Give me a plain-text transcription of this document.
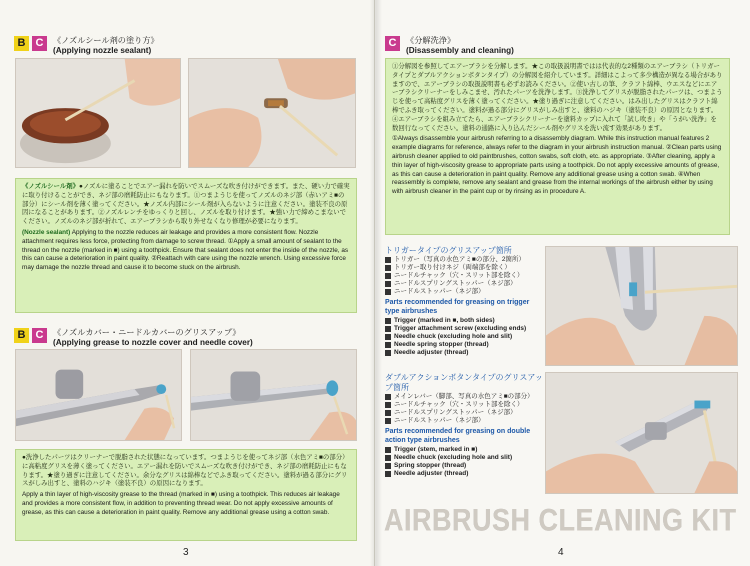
B C	《ノズルシール剤の塗り方》
(Applying nozzle sealant)

《ノズルシール剤》●ノズルに塗ることでエアー漏れを防いでスムーズな吹き付けができます。また、硬い力で確実に取り付けることができ、ネジ部の磨耗防止にもなります。①つまようじを使ってノズルのネジ部（赤いアミ■の部分）にシール剤を薄く塗ってください。★ノズル内部にシール剤が入らないように注意ください。塗装不良の原因になることがあります。②ノズルレンチをゆっくりと回し、ノズルを取り付けます。★強い力で締めこまないでください。ノズルのネジ部が折れて、エアーブラシから取り外せなくなり修理が必要になります。

(Nozzle sealant) Applying to the nozzle reduces air leakage and provides a more consistent flow. Nozzle attachment requires less force, protecting from damage to screw thread. ①Apply a small amount of sealant to the thread on the nozzle (marked in ■) using a toothpick. Ensure that sealant does not enter the inside of the nozzle, as this can cause a deterioration in paint quality. ②Reattach with care using the nozzle wrench. Using excessive force may damage the nozzle thread and cause it to become stuck on the airbrush.

B C	《ノズルカバー・ニードルカバーのグリスアップ》
(Applying grease to nozzle cover and needle cover)

●洗浄したパーツはクリーナーで脱脂された状態になっています。つまようじを使ってネジ部（水色アミ■の部分）に高粘度グリスを薄く塗ってください。エアー漏れを防いでスムーズな吹き付けができ、ネジ部の磨耗防止にもなります。★塗り過ぎに注意してください。余分なグリスは綿棒などでふき取ってください。塗料が過る部分にグリスがしみ出すと、塗料のハジキ（塗装不良）の原因になります。

Apply a thin layer of high-viscosity grease to the thread (marked in ■) using a toothpick. This reduces air leakage and provides a more consistent flow, in addition to preventing thread wear. Do not apply excessive amounts of grease, as this can cause a deterioration in paint quality. Remove any additional grease using a cotton swab.

3
C	《分解洗浄》
(Disassembly and cleaning)

①分解図を参照してエアーブラシを分解します。★この取扱説明書ではは代表的な2種類のエアーブラシ（トリガータイプとダブルアクションボタンタイプ）の分解図を紹介しています。詳細はこよって多少構造が異なる場合がありますので、エアーブラシの取扱説明書も必ずお読みください。②使い古しの筆、クラフト綿棒、ウエスなどにエアーブラシクリーナーをしみこませ、汚れたパーツを洗浄します。③洗浄してグリスが脱脂されたパーツは、つまようじを使って高粘度グリスを薄く塗ってください。★塗り過ぎに注意してください。はみ出したグリスはクラフト綿棒でふき取ってください。塗料が過る部分にグリスがしみ出すと、塗料のハジキ（塗装不良）の原因となります。④エアーブラシを組み立てたら、エアーブラシクリーナーを塗料カップに入れて「試し吹き」や「うがい洗浄」を数回行なってください。塗料の通路に入り込んだシール剤やグリスを洗い流す効果があります。

①Always disassemble your airbrush referring to a disassembly diagram. While this instruction manual features 2 example diagrams for reference, always refer to the diagram in your airbrush instruction manual. ②Clean parts using airbrush cleaner applied to old paintbrushes, cotton swabs, soft cloth, etc. as appropriate. ③After cleaning, apply a thin layer of high-viscosity grease to appropriate parts using a toothpick. Do not apply excessive amounts of grease, as this can cause a deterioration in paint quality. Remove any additional grease using a cotton swab. ④When reassembly is complete, remove any sealant and grease from the internal workings of the airbrush either by using with airbrush cleaner in the paint cup or by rinsing as in procedure A.

トリガータイプのグリスアップ箇所
トリガー（写真の水色アミ■の部分、2箇所）
トリガー取り付けネジ（両端部を除く）
ニードルチャック（穴・スリット部を除く）
ニードルスプリングストッパー（ネジ部）
ニードルストッパー（ネジ部）
Parts recommended for greasing on trigger type airbrushes
Trigger (marked in ■, both sides)
Trigger attachment screw (excluding ends)
Needle chuck (excluding hole and slit)
Needle spring stopper (thread)
Needle adjuster (thread)
ダブルアクションボタンタイプのグリスアップ箇所
メインレバー（脚部、写真の水色アミ■の部分）
ニードルチャック（穴・スリット部を除く）
ニードルスプリングストッパー（ネジ部）
ニードルストッパー（ネジ部）
Parts recommended for greasing on double action type airbrushes
Trigger (stem, marked in ■)
Needle chuck (excluding hole and slit)
Spring stopper (thread)
Needle adjuster (thread)
4
AIRBRUSH CLEANING KIT
